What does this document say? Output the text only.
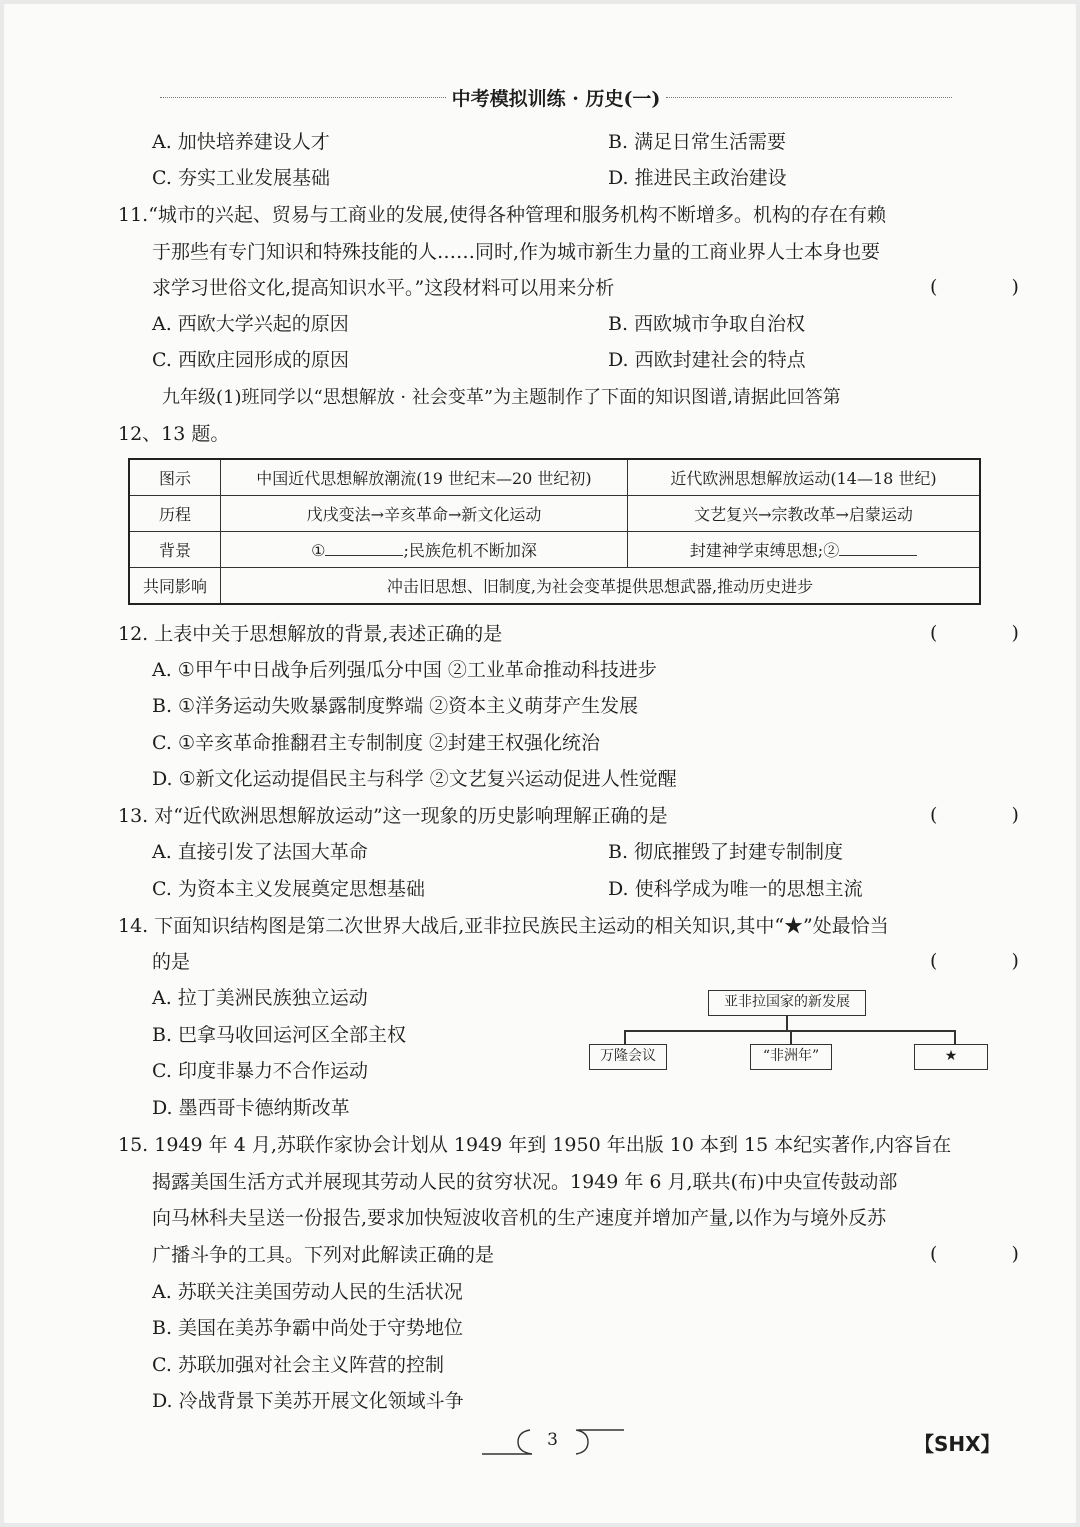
中考模拟训练 · 历史(一)
A. 加快培养建设人才	B. 满足日常生活需要
C. 夯实工业发展基础	D. 推进民主政治建设
11.“城市的兴起、贸易与工商业的发展,使得各种管理和服务机构不断增多。机构的存在有赖
于那些有专门知识和特殊技能的人……同时,作为城市新生力量的工商业界人士本身也要
求学习世俗文化,提高知识水平。”这段材料可以用来分析	( )
A. 西欧大学兴起的原因	B. 西欧城市争取自治权
C. 西欧庄园形成的原因	D. 西欧封建社会的特点
九年级(1)班同学以“思想解放 · 社会变革”为主题制作了下面的知识图谱,请据此回答第
12、13 题。
图示	中国近代思想解放潮流(19 世纪末—20 世纪初)	近代欧洲思想解放运动(14—18 世纪)
历程	戊戌变法→辛亥革命→新文化运动	文艺复兴→宗教改革→启蒙运动
背景	① ;民族危机不断加深	封建神学束缚思想;②
共同影响	冲击旧思想、旧制度,为社会变革提供思想武器,推动历史进步	
12. 上表中关于思想解放的背景,表述正确的是	( )
A. ①甲午中日战争后列强瓜分中国 ②工业革命推动科技进步
B. ①洋务运动失败暴露制度弊端 ②资本主义萌芽产生发展
C. ①辛亥革命推翻君主专制制度 ②封建王权强化统治
D. ①新文化运动提倡民主与科学 ②文艺复兴运动促进人性觉醒
13. 对“近代欧洲思想解放运动”这一现象的历史影响理解正确的是	( )
A. 直接引发了法国大革命	B. 彻底摧毁了封建专制制度
C. 为资本主义发展奠定思想基础	D. 使科学成为唯一的思想主流
14. 下面知识结构图是第二次世界大战后,亚非拉民族民主运动的相关知识,其中“★”处最恰当
的是	( )
A. 拉丁美洲民族独立运动
B. 巴拿马收回运河区全部主权
C. 印度非暴力不合作运动
D. 墨西哥卡德纳斯改革
亚非拉国家的新发展
万隆会议	“非洲年”	★
15. 1949 年 4 月,苏联作家协会计划从 1949 年到 1950 年出版 10 本到 15 本纪实著作,内容旨在
揭露美国生活方式并展现其劳动人民的贫穷状况。1949 年 6 月,联共(布)中央宣传鼓动部
向马林科夫呈送一份报告,要求加快短波收音机的生产速度并增加产量,以作为与境外反苏
广播斗争的工具。下列对此解读正确的是	( )
A. 苏联关注美国劳动人民的生活状况
B. 美国在美苏争霸中尚处于守势地位
C. 苏联加强对社会主义阵营的控制
D. 冷战背景下美苏开展文化领域斗争
3	【SHX】
